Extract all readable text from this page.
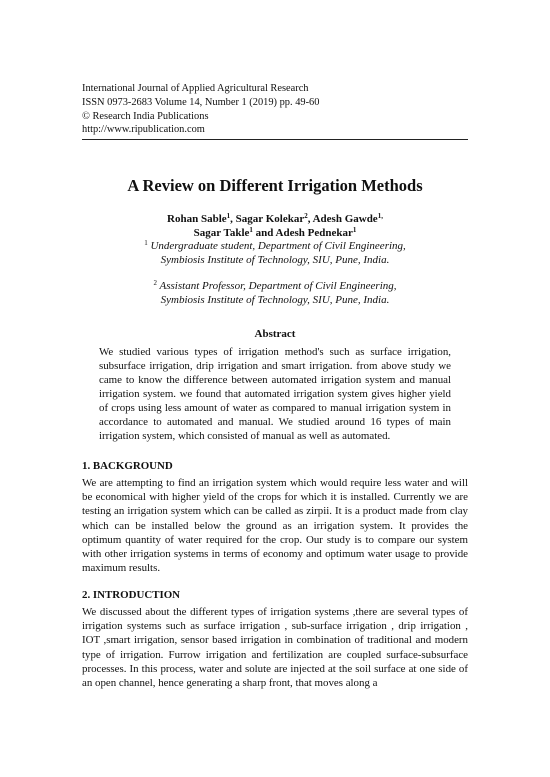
International Journal of Applied Agricultural Research
ISSN 0973-2683 Volume 14, Number 1 (2019) pp. 49-60
© Research India Publications
http://www.ripublication.com
A Review on Different Irrigation Methods
Rohan Sable$^1$, Sagar Kolekar$^2$, Adesh Gawde$^{1,}$
Sagar Takle$^1$ and Adesh Pednekar$^1$
$^1$ Undergraduate student, Department of Civil Engineering,
Symbiosis Institute of Technology, SIU, Pune, India.
$^2$ Assistant Professor, Department of Civil Engineering,
Symbiosis Institute of Technology, SIU, Pune, India.
Abstract
We studied various types of irrigation method's such as surface irrigation, subsurface irrigation, drip irrigation and smart irrigation. from above study we came to know the difference between automated irrigation system and manual irrigation system. we found that automated irrigation system gives higher yield of crops using less amount of water as compared to manual irrigation system in accordance to automated and manual. We studied around 16 types of main irrigation system, which consisted of manual as well as automated.
1. BACKGROUND
We are attempting to find an irrigation system which would require less water and will be economical with higher yield of the crops for which it is installed. Currently we are testing an irrigation system which can be called as zirpii. It is a product made from clay which can be installed below the ground as an irrigation system. It provides the optimum quantity of water required for the crop. Our study is to compare our system with other irrigation systems in terms of economy and optimum water usage to provide maximum results.
2. INTRODUCTION
We discussed about the different types of irrigation systems ,there are several types of irrigation systems such as surface irrigation , sub-surface irrigation , drip irrigation , IOT ,smart irrigation, sensor based irrigation in combination of traditional and modern type of irrigation. Furrow irrigation and fertilization are coupled surface-subsurface processes. In this process, water and solute are injected at the soil surface at one side of an open channel, hence generating a sharp front, that moves along a
